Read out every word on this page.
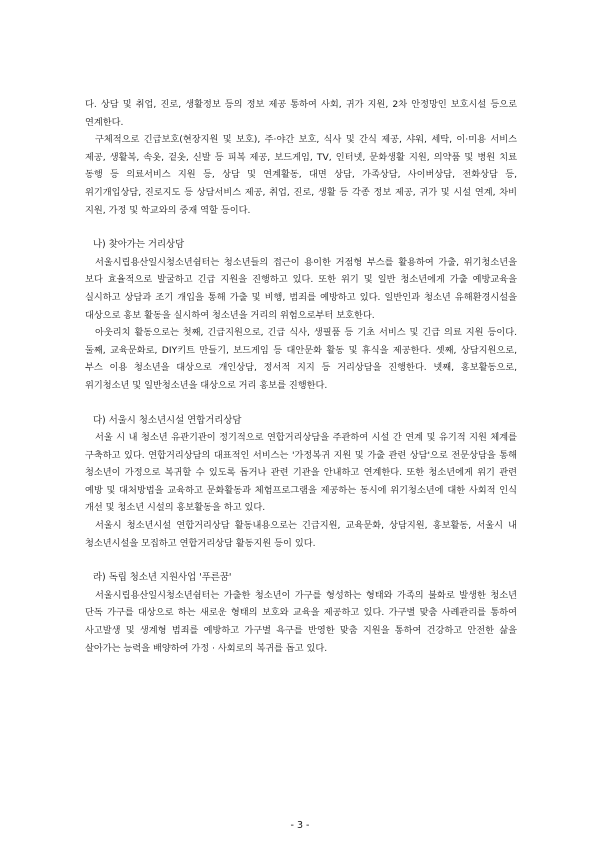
다. 상담 및 취업, 진로, 생활정보 등의 정보 제공 통하여 사회, 귀가 지원, 2차 안정망인 보호시설 등으로 연계한다.

구체적으로 긴급보호(현장지원 및 보호), 주·야간 보호, 식사 및 간식 제공, 샤워, 세탁, 이·미용 서비스 제공, 생활복, 속옷, 겉옷, 신발 등 피복 제공, 보드게임, TV, 인터넷, 문화생활 지원, 의약품 및 병원 치료 동행 등 의료서비스 지원 등, 상담 및 연계활동, 대면 상담, 가족상담, 사이버상담, 전화상담 등, 위기개입상담, 진로지도 등 상담서비스 제공, 취업, 진로, 생활 등 각종 정보 제공, 귀가 및 시설 연계, 차비 지원, 가정 및 학교와의 중재 역할 등이다.

나) 찾아가는 거리상담

서울시립용산일시청소년쉼터는 청소년들의 접근이 용이한 거점형 부스를 활용하여 가출, 위기청소년을 보다 효율적으로 발굴하고 긴급 지원을 진행하고 있다. 또한 위기 및 일반 청소년에게 가출 예방교육을 실시하고 상담과 조기 개입을 통해 가출 및 비행, 범죄를 예방하고 있다. 일반인과 청소년 유해환경시설을 대상으로 홍보 활동을 실시하여 청소년을 거리의 위험으로부터 보호한다.

아웃리치 활동으로는 첫째, 긴급지원으로, 긴급 식사, 생필품 등 기초 서비스 및 긴급 의료 지원 등이다. 둘째, 교육문화로, DIY키트 만들기, 보드게임 등 대안문화 활동 및 휴식을 제공한다. 셋째, 상담지원으로, 부스 이용 청소년을 대상으로 개인상담, 정서적 지지 등 거리상담을 진행한다. 넷째, 홍보활동으로, 위기청소년 및 일반청소년을 대상으로 거리 홍보를 진행한다.

다) 서울시 청소년시설 연합거리상담

서울 시 내 청소년 유관기관이 정기적으로 연합거리상담을 주관하여 시설 간 연계 및 유기적 지원 체계를 구축하고 있다. 연합거리상담의 대표적인 서비스는 '가정복귀 지원 및 가출 관련 상담'으로 전문상담을 통해 청소년이 가정으로 복귀할 수 있도록 돕거나 관련 기관을 안내하고 연계한다. 또한 청소년에게 위기 관련 예방 및 대처방법을 교육하고 문화활동과 체험프로그램을 제공하는 동시에 위기청소년에 대한 사회적 인식 개선 및 청소년 시설의 홍보활동을 하고 있다.

서울시 청소년시설 연합거리상담 활동내용으로는 긴급지원, 교육문화, 상담지원, 홍보활동, 서울시 내 청소년시설을 모집하고 연합거리상담 활동지원 등이 있다.

라) 독립 청소년 지원사업 '푸른꿈'

서울시립용산일시청소년쉼터는 가출한 청소년이 가구를 형성하는 형태와 가족의 불화로 발생한 청소년 단독 가구를 대상으로 하는 새로운 형태의 보호와 교육을 제공하고 있다. 가구별 맞춤 사례관리를 통하여 사고발생 및 생계형 범죄를 예방하고 가구별 욕구를 반영한 맞춤 지원을 통하여 건강하고 안전한 삶을 살아가는 능력을 배양하여 가정 · 사회로의 복귀를 돕고 있다.

- 3 -
